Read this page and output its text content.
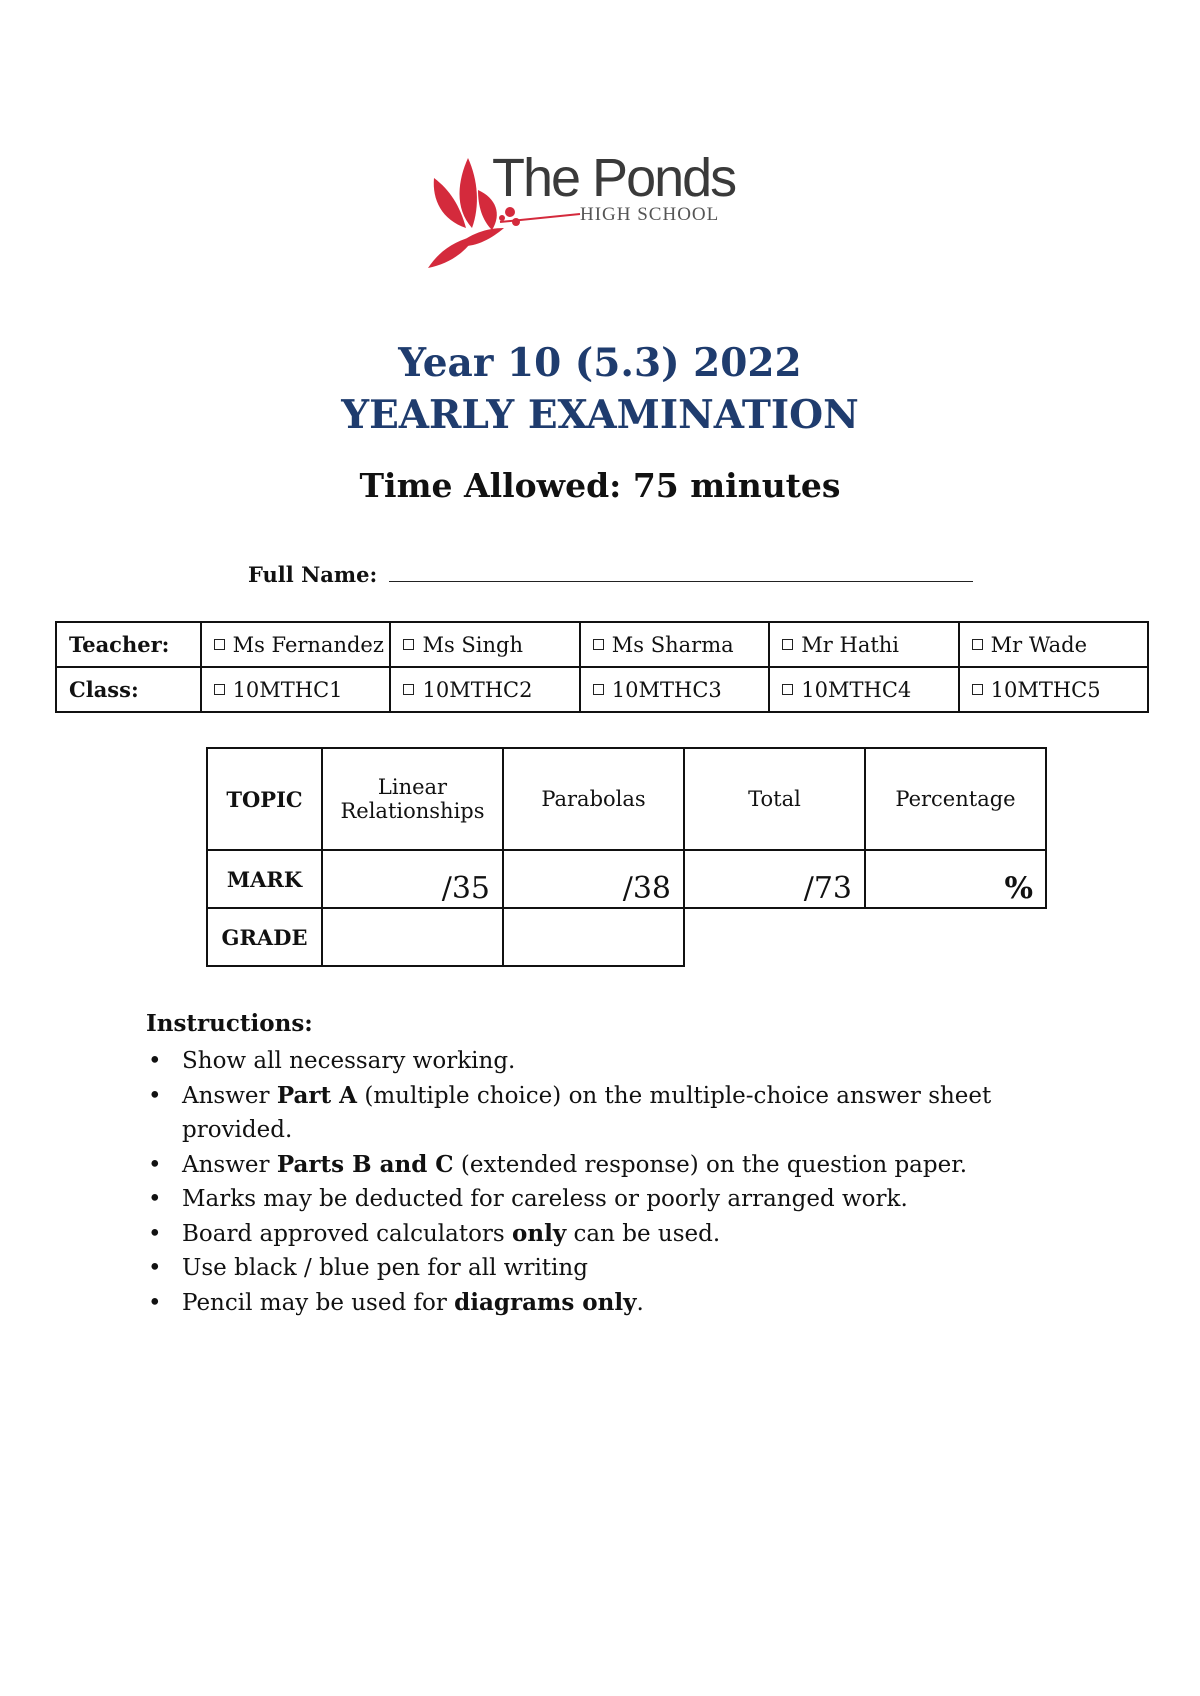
The Ponds
HIGH SCHOOL
Year 10 (5.3) 2022
YEARLY EXAMINATION
Time Allowed: 75 minutes
Full Name:
Teacher:	Ms Fernandez	Ms Singh	Ms Sharma	Mr Hathi	Mr Wade
Class:	10MTHC1	10MTHC2	10MTHC3	10MTHC4	10MTHC5
TOPIC	Linear Relationships	Parabolas	Total	Percentage
MARK	/35	/38	/73	%
GRADE				
Instructions:
• Show all necessary working.
• Answer Part A (multiple choice) on the multiple-choice answer sheet provided.
• Answer Parts B and C (extended response) on the question paper.
• Marks may be deducted for careless or poorly arranged work.
• Board approved calculators only can be used.
• Use black / blue pen for all writing
• Pencil may be used for diagrams only.
